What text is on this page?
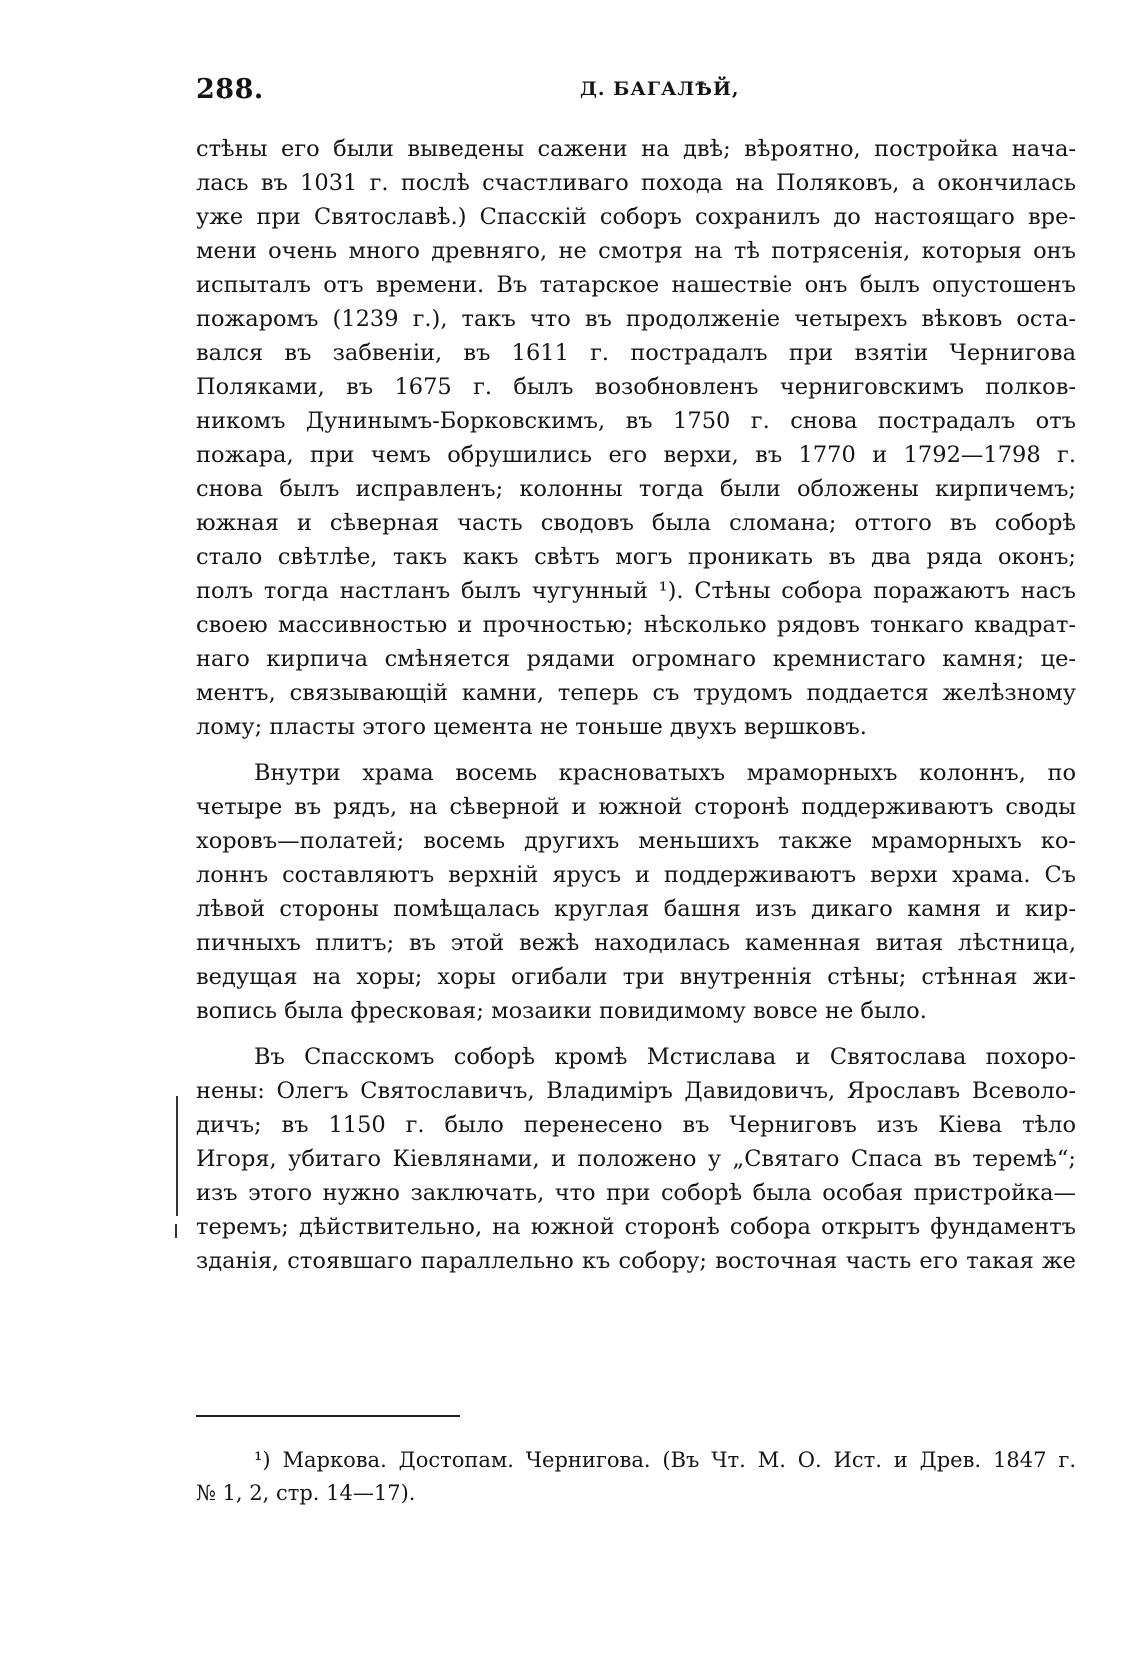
288.	Д. БАГАЛѢЙ,
стѣны его были выведены сажени на двѣ; вѣроятно, постройка нача-
лась въ 1031 г. послѣ счастливаго похода на Поляковъ, а окончилась
уже при Святославѣ.) Спасскій соборъ сохранилъ до настоящаго вре-
мени очень много древняго, не смотря на тѣ потрясенія, которыя онъ
испыталъ отъ времени. Въ татарское нашествіе онъ былъ опустошенъ
пожаромъ (1239 г.), такъ что въ продолженіе четырехъ вѣковъ оста-
вался въ забвеніи, въ 1611 г. пострадалъ при взятіи Чернигова
Поляками, въ 1675 г. былъ возобновленъ черниговскимъ полков-
никомъ Дунинымъ-Борковскимъ, въ 1750 г. снова пострадалъ отъ
пожара, при чемъ обрушились его верхи, въ 1770 и 1792—1798 г.
снова былъ исправленъ; колонны тогда были обложены кирпичемъ;
южная и сѣверная часть сводовъ была сломана; оттого въ соборѣ
стало свѣтлѣе, такъ какъ свѣтъ могъ проникать въ два ряда оконъ;
полъ тогда настланъ былъ чугунный ¹). Стѣны собора поражаютъ насъ
своею массивностью и прочностью; нѣсколько рядовъ тонкаго квадрат-
наго кирпича смѣняется рядами огромнаго кремнистаго камня; це-
ментъ, связывающій камни, теперь съ трудомъ поддается желѣзному
лому; пласты этого цемента не тоньше двухъ вершковъ.
Внутри храма восемь красноватыхъ мраморныхъ колоннъ, по
четыре въ рядъ, на сѣверной и южной сторонѣ поддерживаютъ своды
хоровъ—полатей; восемь другихъ меньшихъ также мраморныхъ ко-
лоннъ составляютъ верхній ярусъ и поддерживаютъ верхи храма. Съ
лѣвой стороны помѣщалась круглая башня изъ дикаго камня и кир-
пичныхъ плитъ; въ этой вежѣ находилась каменная витая лѣстница,
ведущая на хоры; хоры огибали три внутреннія стѣны; стѣнная жи-
вопись была фресковая; мозаики повидимому вовсе не было.
Въ Спасскомъ соборѣ кромѣ Мстислава и Святослава похоро-
нены: Олегъ Святославичъ, Владиміръ Давидовичъ, Ярославъ Всеволо-
дичъ; въ 1150 г. было перенесено въ Черниговъ изъ Кіева тѣло
Игоря, убитаго Кіевлянами, и положено у „Святаго Спаса въ теремѣ“;
изъ этого нужно заключать, что при соборѣ была особая пристройка—
теремъ; дѣйствительно, на южной сторонѣ собора открытъ фундаментъ
зданія, стоявшаго параллельно къ собору; восточная часть его такая же
¹) Маркова. Достопам. Чернигова. (Въ Чт. М. О. Ист. и Древ. 1847 г.
№ 1, 2, стр. 14—17).
